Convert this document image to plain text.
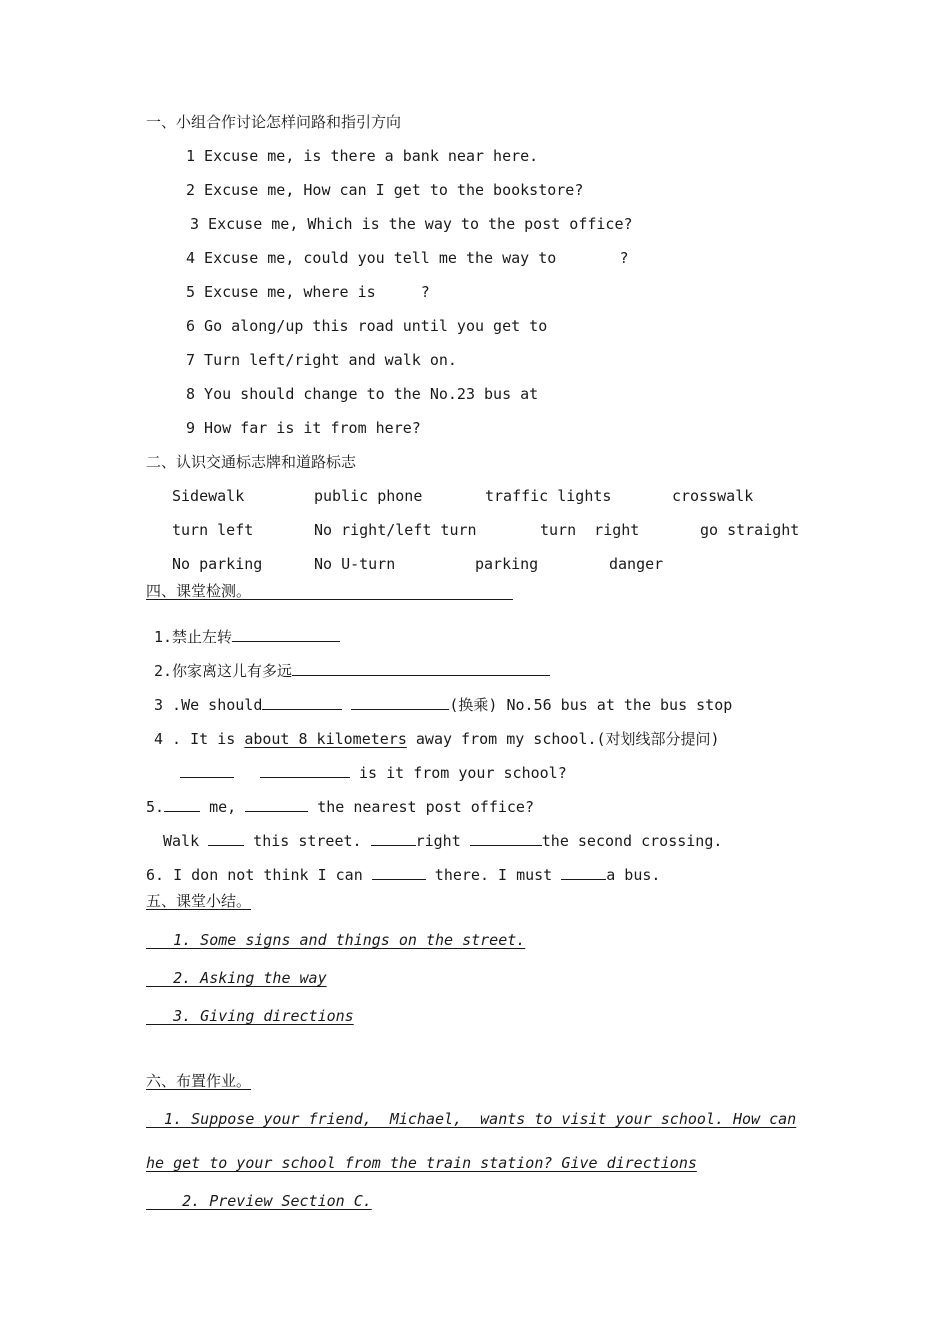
一、小组合作讨论怎样问路和指引方向
1 Excuse me, is there a bank near here.
2 Excuse me, How can I get to the bookstore?
3 Excuse me, Which is the way to the post office?
4 Excuse me, could you tell me the way to       ?
5 Excuse me, where is     ?
6 Go along/up this road until you get to
7 Turn left/right and walk on.
8 You should change to the No.23 bus at
9 How far is it from here?
二、认识交通标志牌和道路标志
Sidewalk	public phone	traffic lights	crosswalk
turn left	No right/left turn	turn  right	go straight
No parking	No U-turn	parking	danger
四、课堂检测。
1.禁止左转
2.你家离这儿有多远
3 .We should	(换乘) No.56 bus at the bus stop
4 . It is about 8 kilometers away from my school.(对划线部分提问)
is it from your school?
5. me,	the nearest post office?
Walk	this street.	right	the second crossing.
6. I don not think I can	there. I must	a bus.
五、课堂小结。
1. Some signs and things on the street.
2. Asking the way
3. Giving directions
六、布置作业。
1. Suppose your friend,  Michael,  wants to visit your school. How can
he get to your school from the train station? Give directions
2. Preview Section C.
